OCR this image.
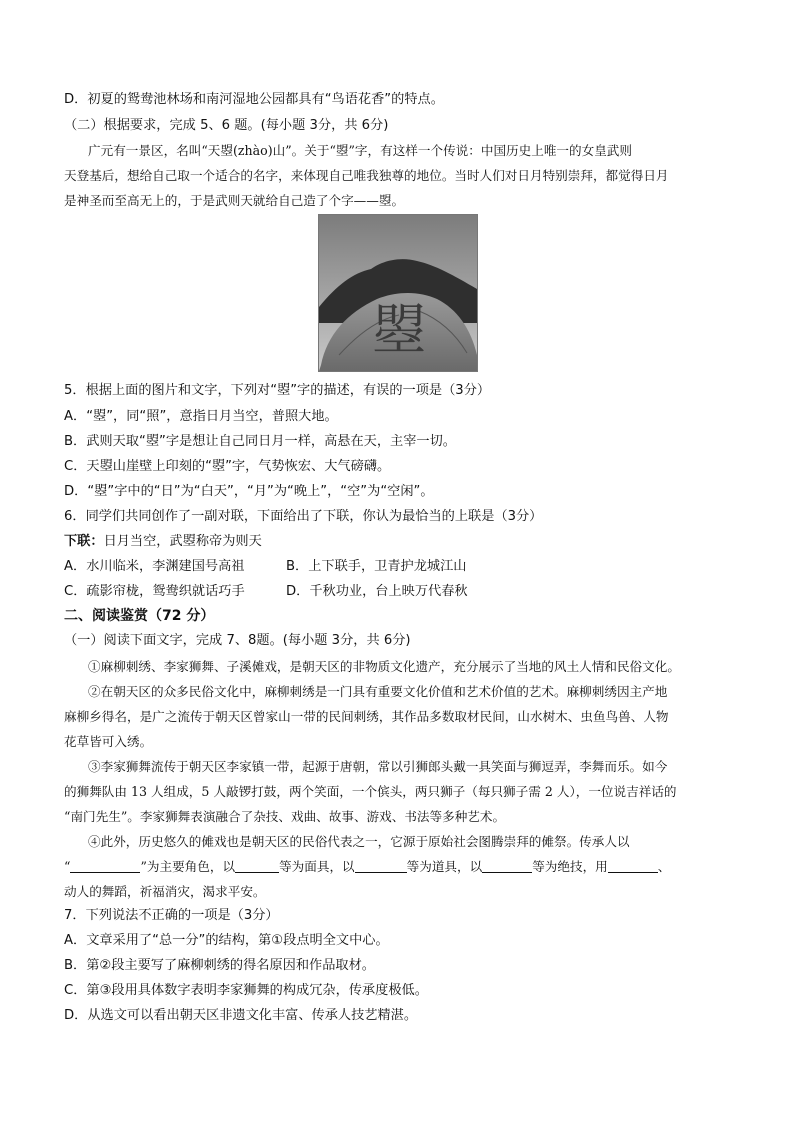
D．初夏的鸳鸯池林场和南河湿地公园都具有“鸟语花香”的特点。
（二）根据要求，完成 5、6 题。(每小题 3分，共 6分)
广元有一景区，名叫“天曌(zhào)山”。关于“曌”字，有这样一个传说：中国历史上唯一的女皇武则
天登基后，想给自己取一个适合的名字，来体现自己唯我独尊的地位。当时人们对日月特别崇拜，都觉得日月
是神圣而至高无上的，于是武则天就给自己造了个字——曌。
曌
5．根据上面的图片和文字，下列对“曌”字的描述，有误的一项是（3分）
A．“曌”，同“照”，意指日月当空，普照大地。
B．武则天取“曌”字是想让自己同日月一样，高悬在天，主宰一切。
C．天曌山崖壁上印刻的“曌”字，气势恢宏、大气磅礴。
D．“曌”字中的“日”为“白天”，“月”为“晚上”，“空”为“空闲”。
6．同学们共同创作了一副对联，下面给出了下联，你认为最恰当的上联是（3分）
下联：日月当空，武曌称帝为则天
A．水川临米，李渊建国号高祖	B．上下联手，卫青护龙城江山
C．疏影帘栊，鸳鸯织就话巧手	D．千秋功业，台上映万代春秋
二、阅读鉴赏（72 分）
（一）阅读下面文字，完成 7、8题。(每小题 3分，共 6分)
①麻柳刺绣、李家狮舞、子溪傩戏，是朝天区的非物质文化遗产，充分展示了当地的风土人情和民俗文化。
②在朝天区的众多民俗文化中，麻柳刺绣是一门具有重要文化价值和艺术价值的艺术。麻柳刺绣因主产地
麻柳乡得名，是广之流传于朝天区曾家山一带的民间刺绣，其作品多数取材民间，山水树木、虫鱼鸟兽、人物
花草皆可入绣。
③李家狮舞流传于朝天区李家镇一带，起源于唐朝，常以引狮郎头戴一具笑面与狮逗弄，李舞而乐。如今
的狮舞队由 13 人组成，5 人敲锣打鼓，两个笑面，一个傧头，两只狮子（每只狮子需 2 人），一位说吉祥话的
“南门先生”。李家狮舞表演融合了杂技、戏曲、故事、游戏、书法等多种艺术。
④此外，历史悠久的傩戏也是朝天区的民俗代表之一，它源于原始社会图腾崇拜的傩祭。传承人以
“	”为主要角色，以	等为面具，以	等为道具，以	等为绝技，用	、
动人的舞蹈，祈福消灾，渴求平安。
7．下列说法不正确的一项是（3分）
A．文章采用了“总一分”的结构，第①段点明全文中心。
B．第②段主要写了麻柳刺绣的得名原因和作品取材。
C．第③段用具体数字表明李家狮舞的构成冗杂，传承度极低。
D．从选文可以看出朝天区非遗文化丰富、传承人技艺精湛。
